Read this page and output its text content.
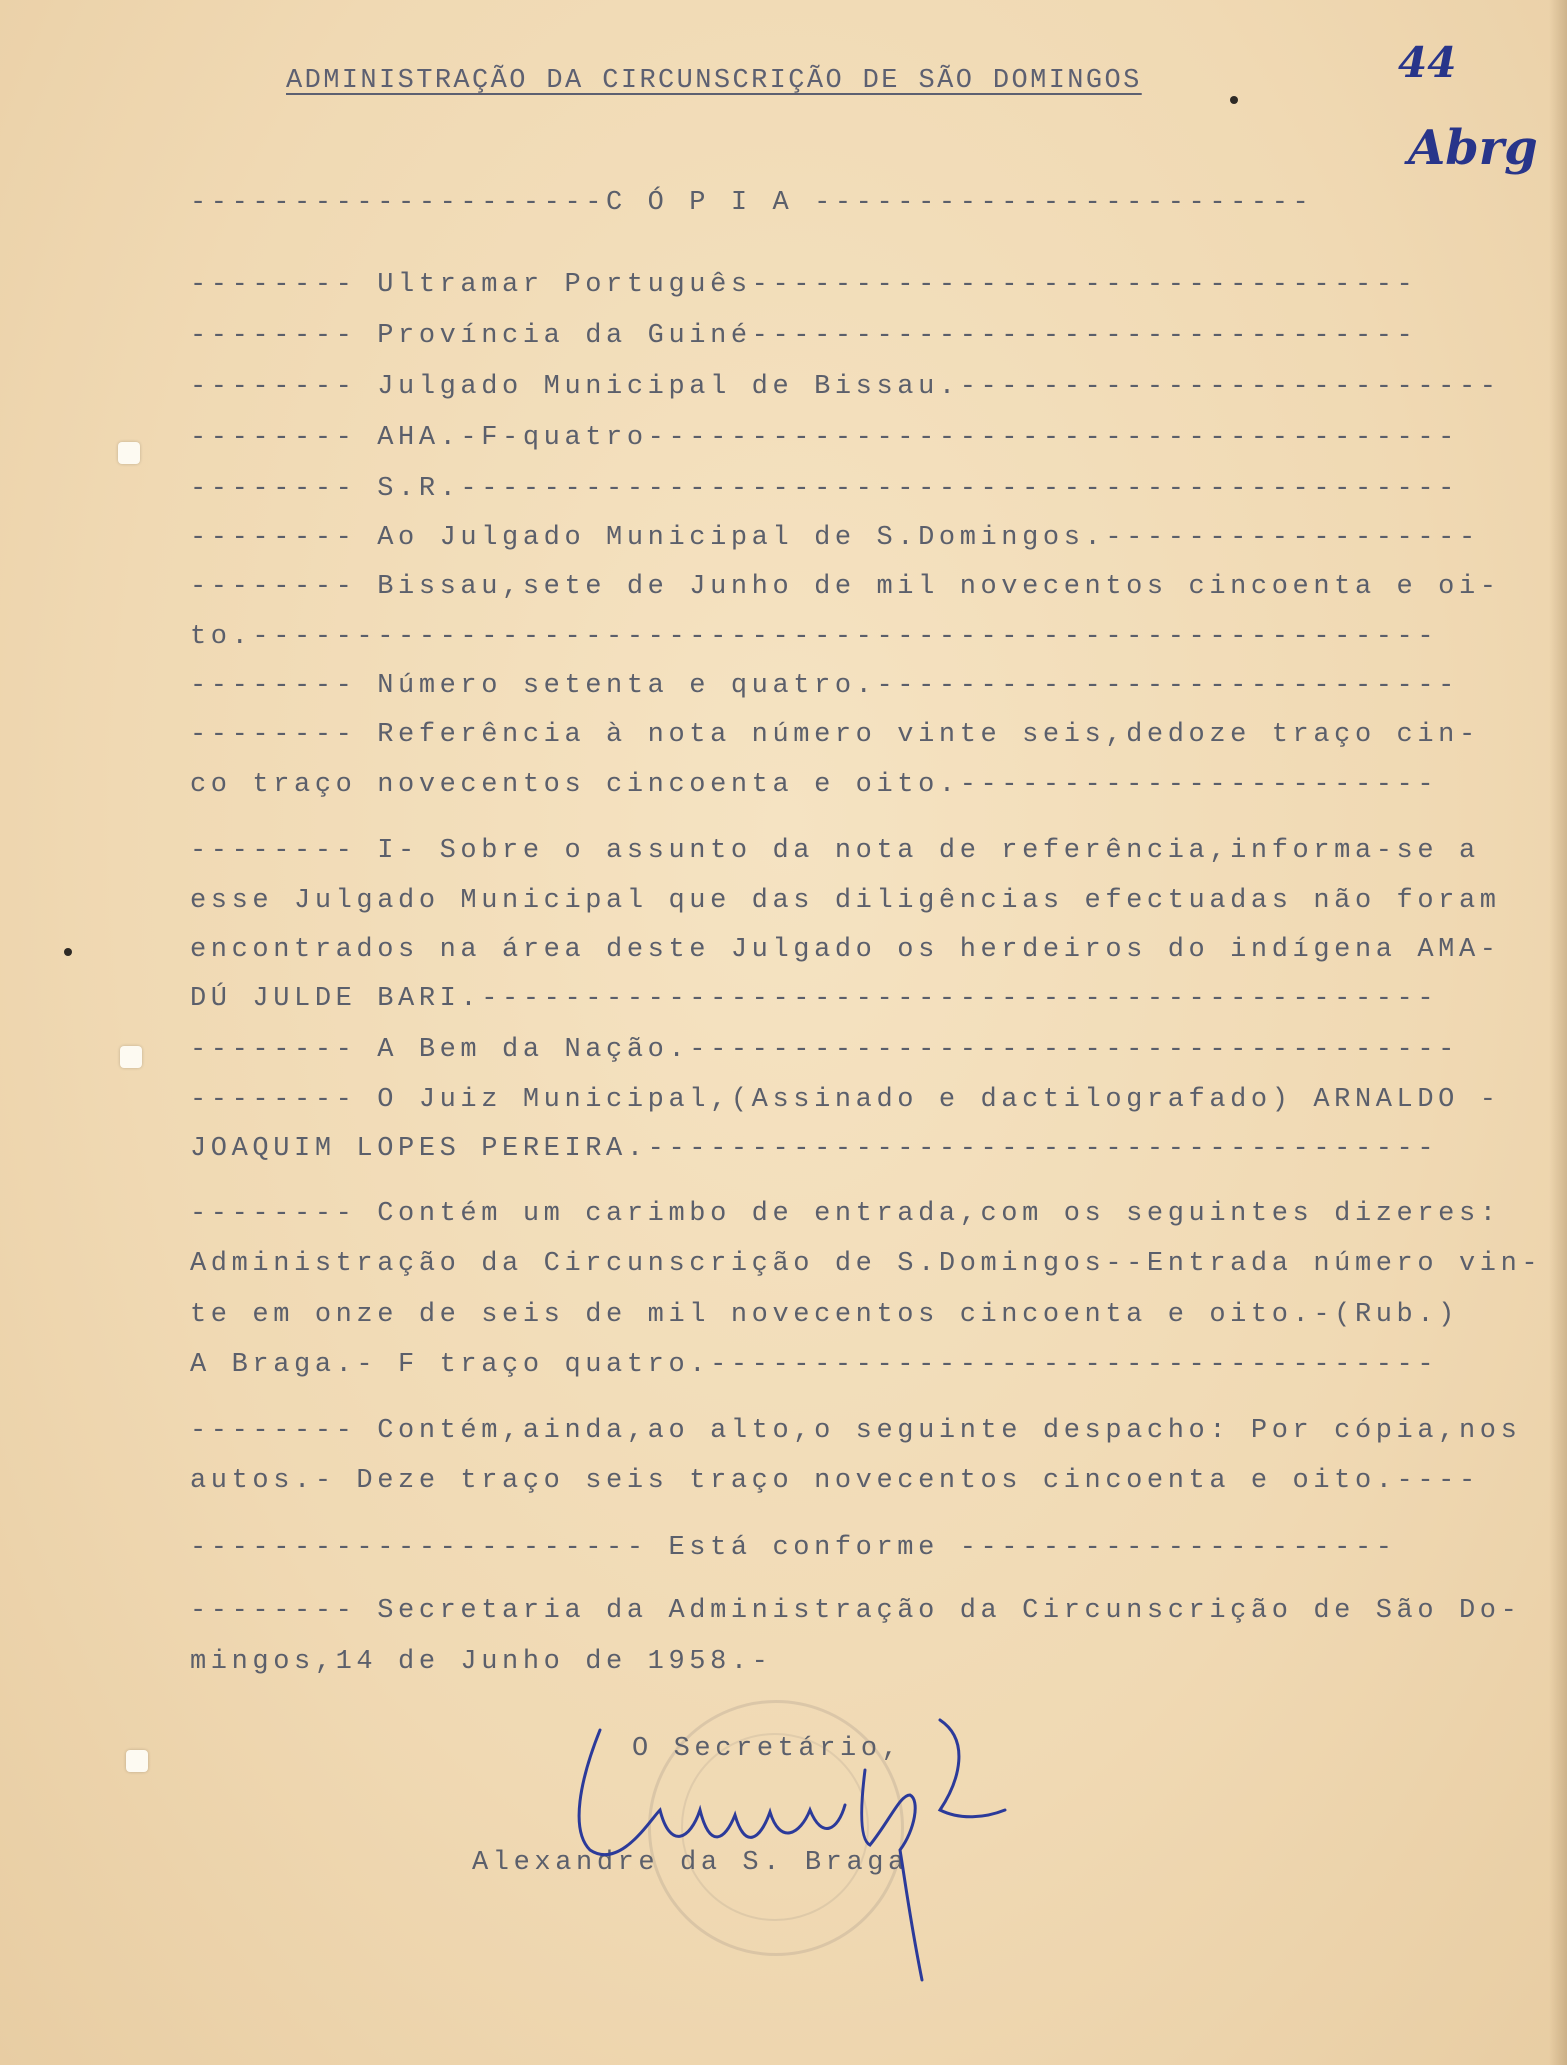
ADMINISTRAÇÃO DA CIRCUNSCRIÇÃO DE SÃO DOMINGOS	44
Abrg
--------------------C Ó P I A ------------------------
-------- Ultramar Português--------------------------------
-------- Província da Guiné--------------------------------
-------- Julgado Municipal de Bissau.--------------------------
-------- AHA.-F-quatro---------------------------------------
-------- S.R.------------------------------------------------
-------- Ao Julgado Municipal de S.Domingos.------------------
-------- Bissau,sete de Junho de mil novecentos cincoenta e oi-
to.---------------------------------------------------------
-------- Número setenta e quatro.----------------------------
-------- Referência à nota número vinte seis,dedoze traço cin-
co traço novecentos cincoenta e oito.-----------------------
-------- I- Sobre o assunto da nota de referência,informa-se a
esse Julgado Municipal que das diligências efectuadas não foram
encontrados na área deste Julgado os herdeiros do indígena AMA-
DÚ JULDE BARI.----------------------------------------------
-------- A Bem da Nação.-------------------------------------
-------- O Juiz Municipal,(Assinado e dactilografado) ARNALDO -
JOAQUIM LOPES PEREIRA.--------------------------------------
-------- Contém um carimbo de entrada,com os seguintes dizeres:
Administração da Circunscrição de S.Domingos--Entrada número vin-
te em onze de seis de mil novecentos cincoenta e oito.-(Rub.)
A Braga.- F traço quatro.-----------------------------------
-------- Contém,ainda,ao alto,o seguinte despacho: Por cópia,nos
autos.- Deze traço seis traço novecentos cincoenta e oito.----
---------------------- Está conforme ---------------------
-------- Secretaria da Administração da Circunscrição de São Do-
mingos,14 de Junho de 1958.-
O Secretário,
Alexandre da S. Braga
